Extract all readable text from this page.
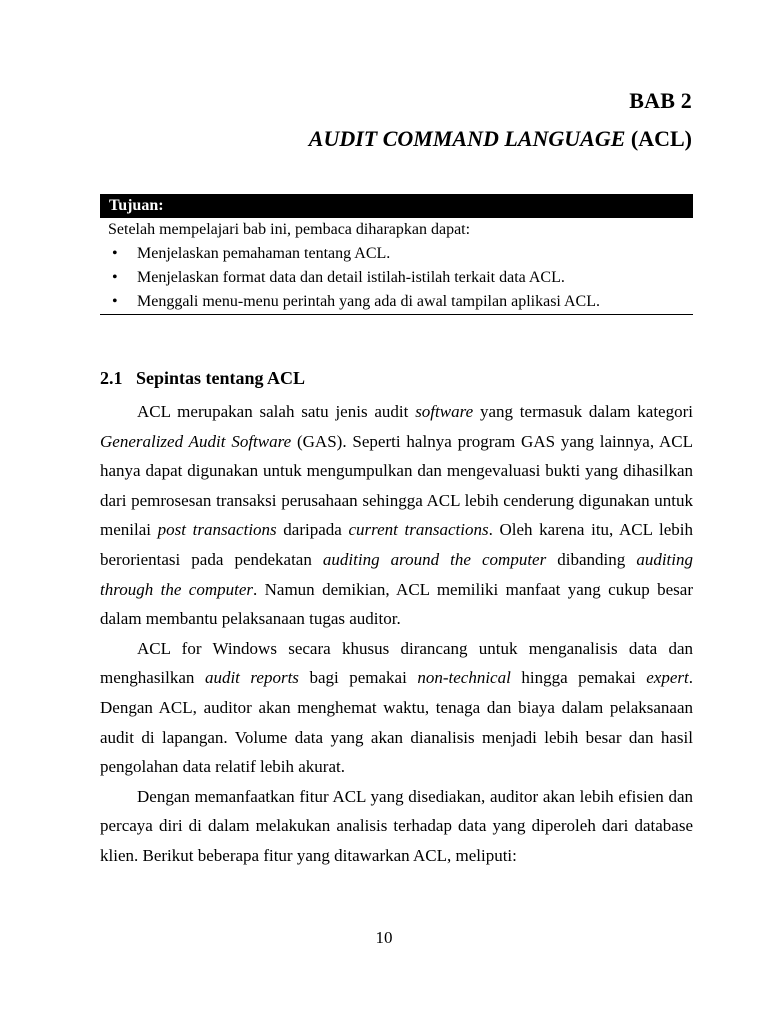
BAB 2
AUDIT COMMAND LANGUAGE (ACL)
Tujuan:
Setelah mempelajari bab ini, pembaca diharapkan dapat:
• Menjelaskan pemahaman tentang ACL.
• Menjelaskan format data dan detail istilah-istilah terkait data ACL.
• Menggali menu-menu perintah yang ada di awal tampilan aplikasi ACL.
2.1 Sepintas tentang ACL

ACL merupakan salah satu jenis audit software yang termasuk dalam kategori Generalized Audit Software (GAS). Seperti halnya program GAS yang lainnya, ACL hanya dapat digunakan untuk mengumpulkan dan mengevaluasi bukti yang dihasilkan dari pemrosesan transaksi perusahaan sehingga ACL lebih cenderung digunakan untuk menilai post transactions daripada current transactions. Oleh karena itu, ACL lebih berorientasi pada pendekatan auditing around the computer dibanding auditing through the computer. Namun demikian, ACL memiliki manfaat yang cukup besar dalam membantu pelaksanaan tugas auditor.

ACL for Windows secara khusus dirancang untuk menganalisis data dan menghasilkan audit reports bagi pemakai non-technical hingga pemakai expert. Dengan ACL, auditor akan menghemat waktu, tenaga dan biaya dalam pelaksanaan audit di lapangan. Volume data yang akan dianalisis menjadi lebih besar dan hasil pengolahan data relatif lebih akurat.

Dengan memanfaatkan fitur ACL yang disediakan, auditor akan lebih efisien dan percaya diri di dalam melakukan analisis terhadap data yang diperoleh dari database klien. Berikut beberapa fitur yang ditawarkan ACL, meliputi:

10
